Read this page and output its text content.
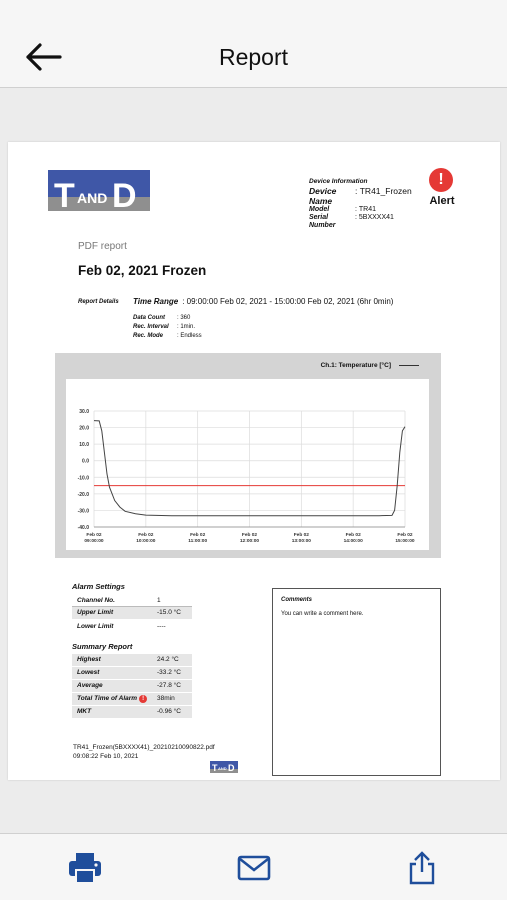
Report
T AND D	Device Information
Device Name
: TR41_Frozen
Model	: TR41
Serial Number
: 5BXXXX41
!
Alert
PDF report
Feb 02, 2021 Frozen
Report Details Time Range : 09:00:00 Feb 02, 2021 - 15:00:00 Feb 02, 2021 (6hr 0min)
Data Count	: 360
Rec. Interval	: 1min.
Rec. Mode	: Endless
Ch.1: Temperature [°C]
30.0
20.0
10.0
0.0
-10.0
-20.0
-30.0
-40.0
Feb 02
09:00:00
Feb 02
10:00:00
Feb 02
11:00:00
Feb 02
12:00:00
Feb 02
13:00:00
Feb 02
14:00:00
Feb 02
15:00:00
Alarm Settings
Channel No.	1
Upper Limit	-15.0 °C
Lower Limit	----
Summary Report
Highest	24.2 °C
Lowest	-33.2 °C
Average	-27.8 °C
Total Time of Alarm !	38min
MKT	-0.96 °C
Comments
You can write a comment here.
TR41_Frozen(5BXXXX41)_20210210090822.pdf
09:08:22 Feb 10, 2021
T AND D
